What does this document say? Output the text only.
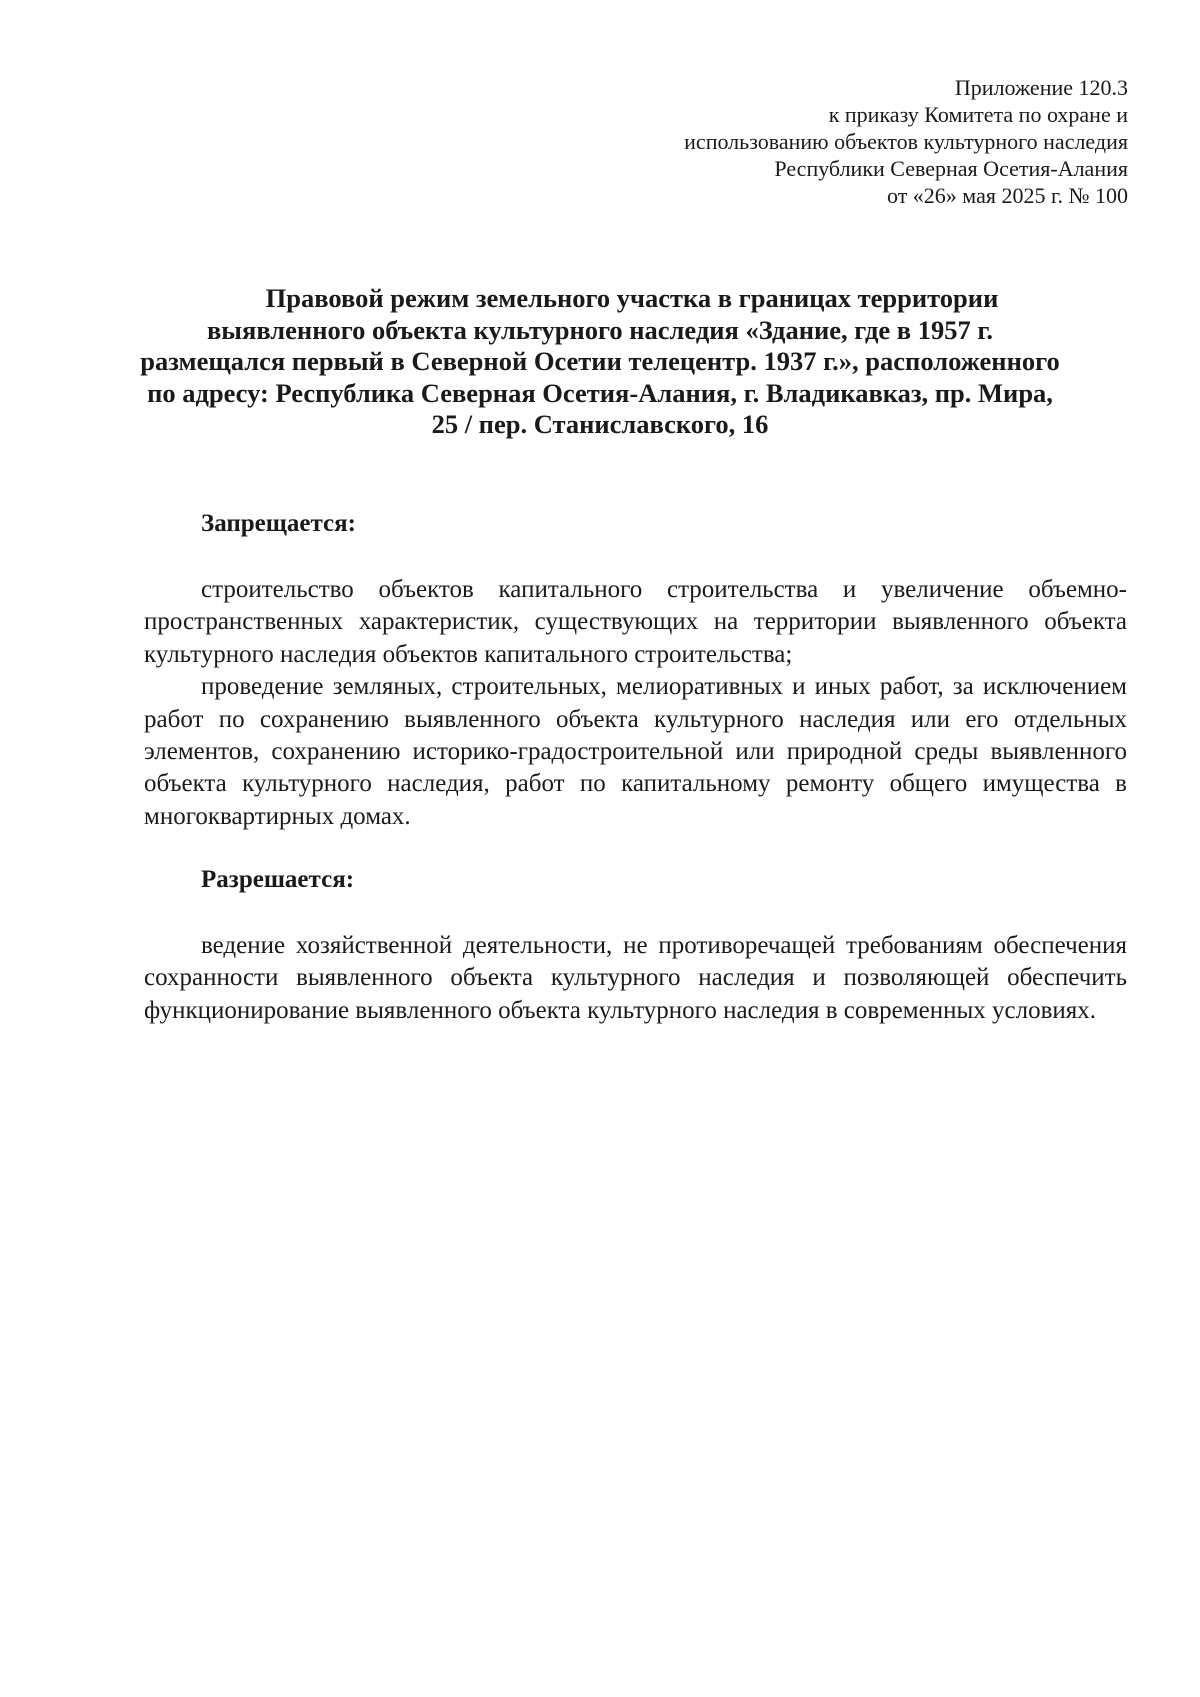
Приложение 120.3
к приказу Комитета по охране и
использованию объектов культурного наследия
Республики Северная Осетия-Алания
от «26» мая 2025 г. № 100
Правовой режим земельного участка в границах территории
выявленного объекта культурного наследия «Здание, где в 1957 г.
размещался первый в Северной Осетии телецентр. 1937 г.», расположенного
по адресу: Республика Северная Осетия-Алания, г. Владикавказ, пр. Мира,
25 / пер. Станиславского, 16
Запрещается:

строительство объектов капитального строительства и увеличение объемно-пространственных характеристик, существующих на территории выявленного объекта культурного наследия объектов капитального строительства;

проведение земляных, строительных, мелиоративных и иных работ, за исключением работ по сохранению выявленного объекта культурного наследия или его отдельных элементов, сохранению историко-градостроительной или природной среды выявленного объекта культурного наследия, работ по капитальному ремонту общего имущества в многоквартирных домах.

Разрешается:

ведение хозяйственной деятельности, не противоречащей требованиям обеспечения сохранности выявленного объекта культурного наследия и позволяющей обеспечить функционирование выявленного объекта культурного наследия в современных условиях.
